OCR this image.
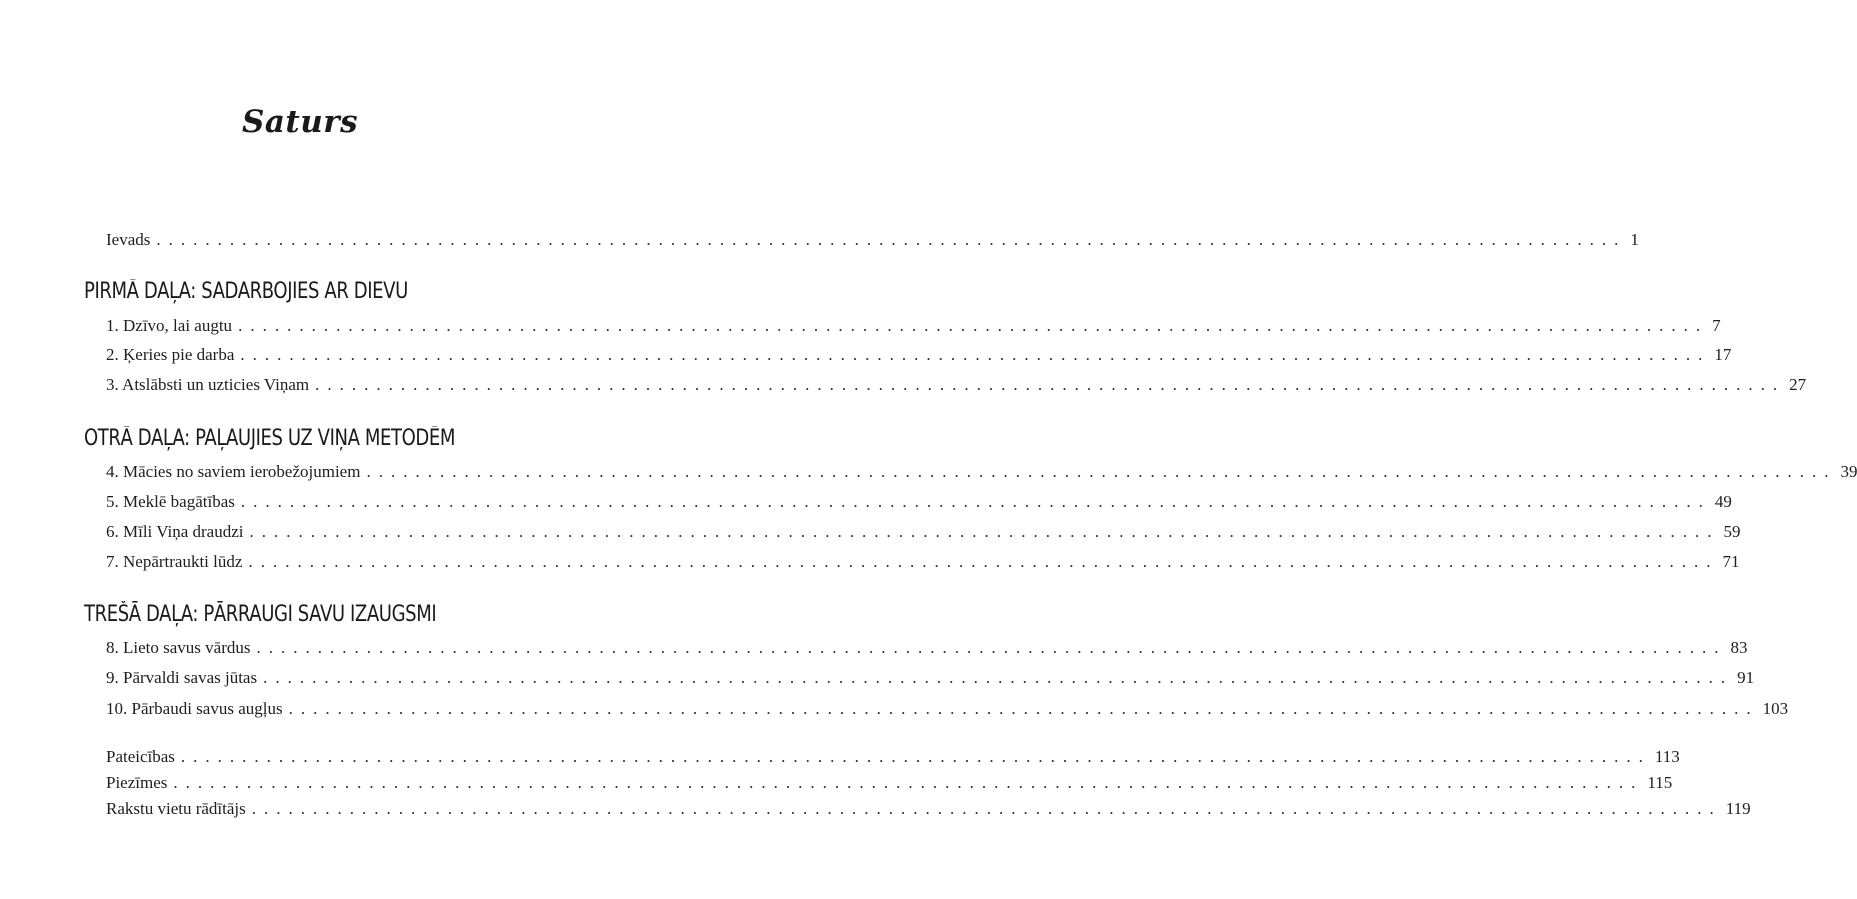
Saturs
Ievads ........................................................................................................................ 1
PIRMĀ DAĻA: SADARBOJIES AR DIEVU
1. Dzīvo, lai augtu ........................................................................................................................ 7
2. Ķeries pie darba ........................................................................................................................ 17
3. Atslābsti un uzticies Viņam ........................................................................................................................ 27
OTRĀ DAĻA: PAĻAUJIES UZ VIŅA METODĒM
4. Mācies no saviem ierobežojumiem ........................................................................................................................ 39
5. Meklē bagātības ........................................................................................................................ 49
6. Mīli Viņa draudzi ........................................................................................................................ 59
7. Nepārtraukti lūdz ........................................................................................................................ 71
TREŠĀ DAĻA: PĀRRAUGI SAVU IZAUGSMI
8. Lieto savus vārdus ........................................................................................................................ 83
9. Pārvaldi savas jūtas ........................................................................................................................ 91
10. Pārbaudi savus augļus ........................................................................................................................ 103
Pateicības ........................................................................................................................ 113
Piezīmes ........................................................................................................................ 115
Rakstu vietu rādītājs ........................................................................................................................ 119
